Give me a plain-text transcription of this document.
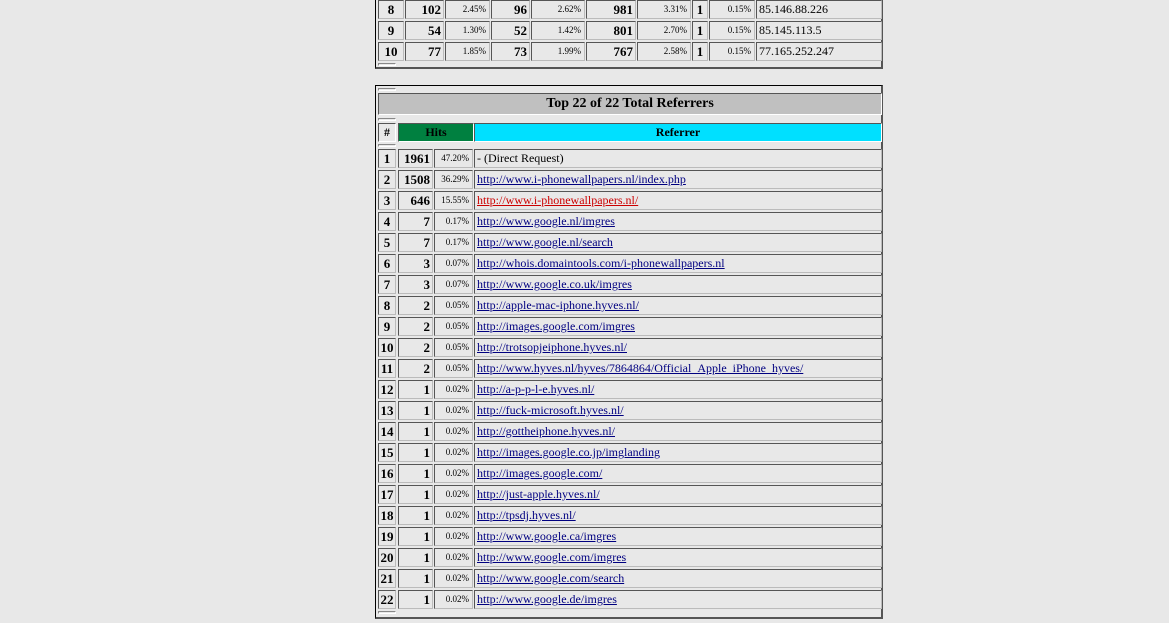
8	102	2.45%	96	2.62%	981	3.31% 1	0.15% 85.146.88.226
9	54	1.30%	52	1.42%	801	2.70% 1	0.15% 85.145.113.5
10	77	1.85%	73	1.99%	767	2.58% 1	0.15% 77.165.252.247
Top 22 of 22 Total Referrers
#	Hits	Referrer
1	1961	47.20% - (Direct Request)
2	1508	36.29% http://www.i-phonewallpapers.nl/index.php
3	646	15.55% http://www.i-phonewallpapers.nl/
4	7	0.17% http://www.google.nl/imgres
5	7	0.17% http://www.google.nl/search
6	3	0.07% http://whois.domaintools.com/i-phonewallpapers.nl
7	3	0.07% http://www.google.co.uk/imgres
8	2	0.05% http://apple-mac-iphone.hyves.nl/
9	2	0.05% http://images.google.com/imgres
10	2	0.05% http://trotsopjeiphone.hyves.nl/
11	2	0.05% http://www.hyves.nl/hyves/7864864/Official_Apple_iPhone_hyves/
12	1	0.02% http://a-p-p-l-e.hyves.nl/
13	1	0.02% http://fuck-microsoft.hyves.nl/
14	1	0.02% http://gottheiphone.hyves.nl/
15	1	0.02% http://images.google.co.jp/imglanding
16	1	0.02% http://images.google.com/
17	1	0.02% http://just-apple.hyves.nl/
18	1	0.02% http://tpsdj.hyves.nl/
19	1	0.02% http://www.google.ca/imgres
20	1	0.02% http://www.google.com/imgres
21	1	0.02% http://www.google.com/search
22	1	0.02% http://www.google.de/imgres
